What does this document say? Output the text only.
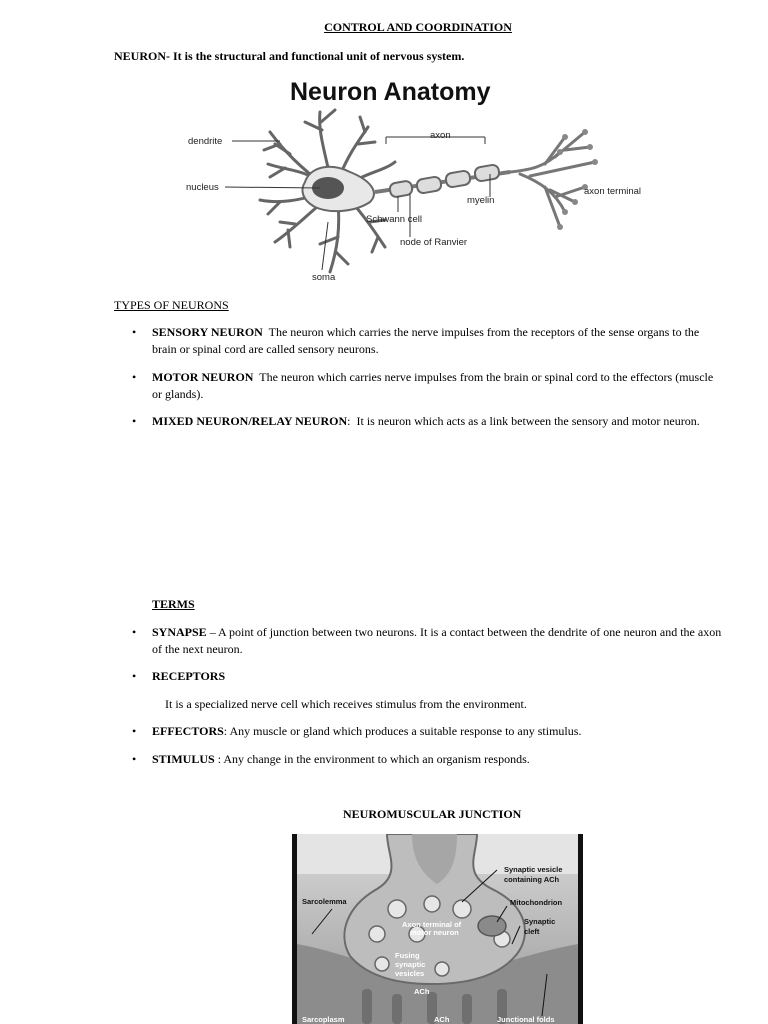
CONTROL AND COORDINATION
NEURON- It is the structural and functional unit of nervous system.
Neuron Anatomy
dendrite
nucleus
axon
myelin
Schwann cell
node of Ranvier
axon terminal
soma
TYPES OF NEURONS
• SENSORY NEURON The neuron which carries the nerve impulses from the receptors of the sense organs to the brain or spinal cord are called sensory neurons.
• MOTOR NEURON The neuron which carries nerve impulses from the brain or spinal cord to the effectors (muscle or glands).
• MIXED NEURON/RELAY NEURON:  It is neuron which acts as a link between the sensory and motor neuron.
TERMS
• SYNAPSE – A point of junction between two neurons. It is a contact between the dendrite of one neuron and the axon of the next neuron.
• RECEPTORS
It is a specialized nerve cell which receives stimulus from the environment.
• EFFECTORS: Any muscle or gland which produces a suitable response to any stimulus.
• STIMULUS : Any change in the environment to which an organism responds.
NEUROMUSCULAR JUNCTION
Synaptic vesicle
containing ACh
Sarcolemma	Mitochondrion
Synaptic
cleft
Axon terminal of
motor neuron
Fusing
synaptic
vesicles
ACh
ACh
Sarcoplasm	Junctional folds
